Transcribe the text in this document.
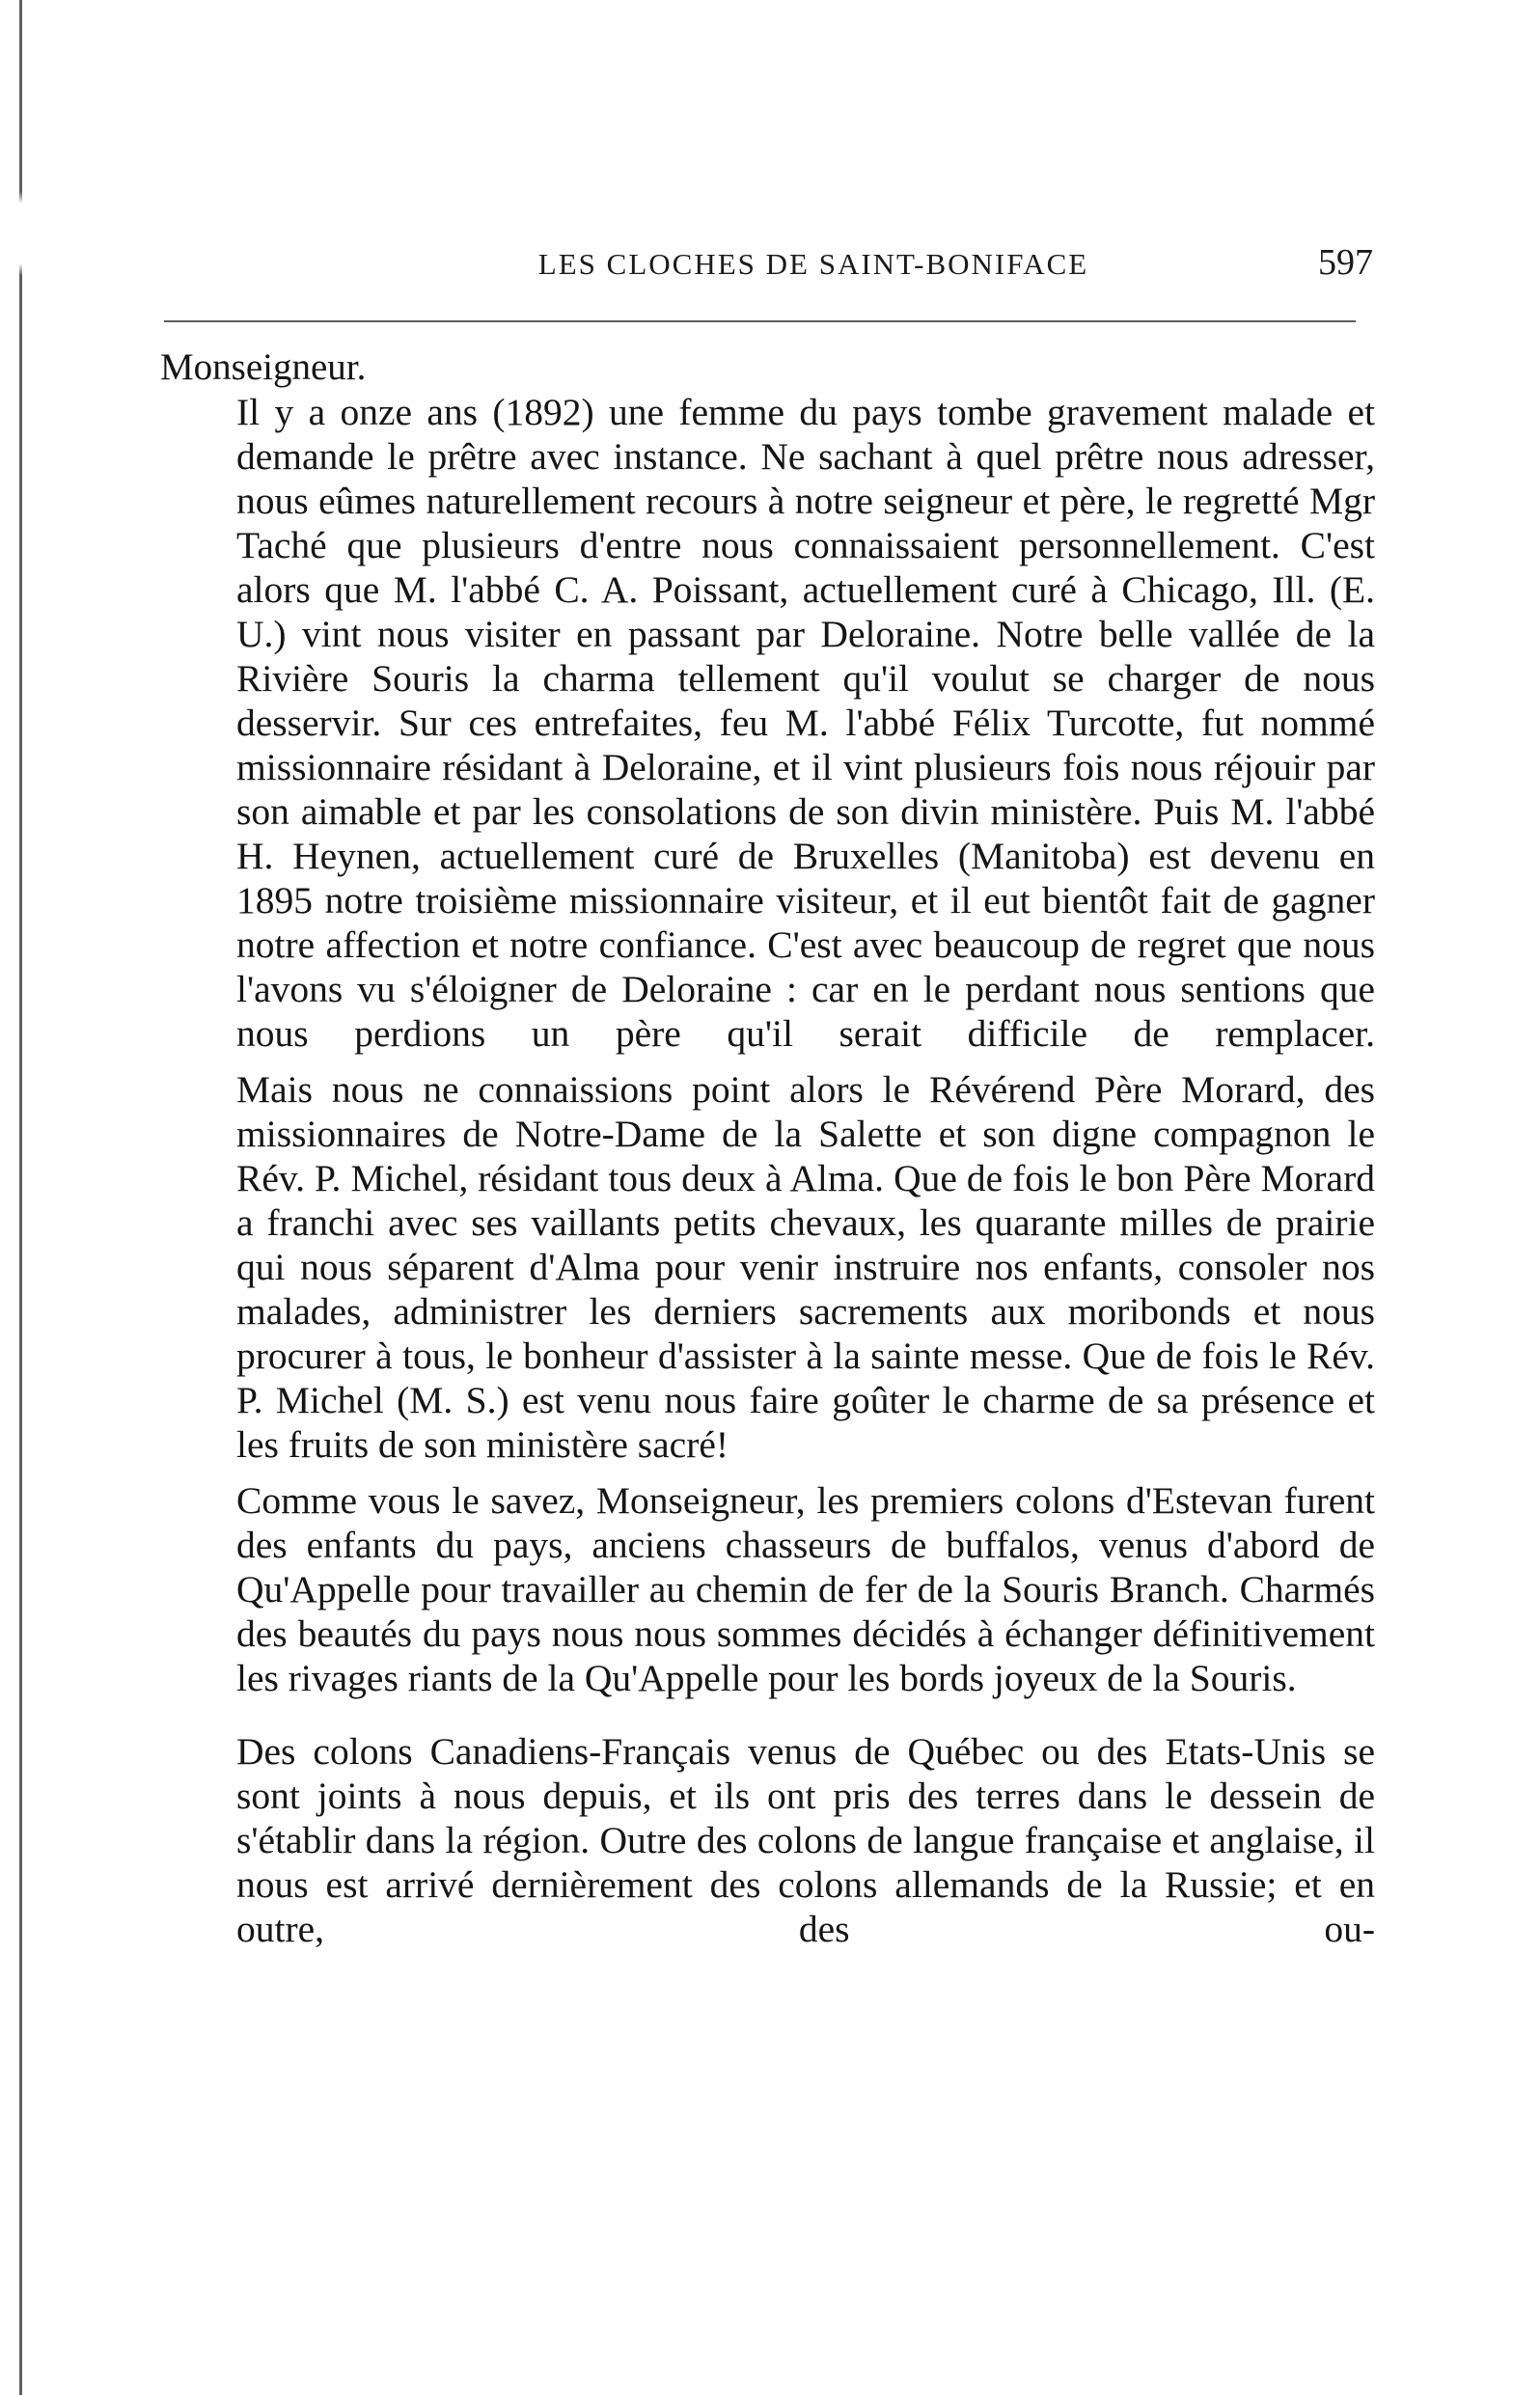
LES CLOCHES DE SAINT-BONIFACE	597
Monseigneur.

Il y a onze ans (1892) une femme du pays tombe gravement malade et demande le prêtre avec instance. Ne sachant à quel prêtre nous adresser, nous eûmes naturellement recours à notre seigneur et père, le regretté Mgr Taché que plusieurs d'entre nous connaissaient personnellement. C'est alors que M. l'abbé C. A. Poissant, actuellement curé à Chicago, Ill. (E. U.) vint nous visiter en passant par Deloraine. Notre belle vallée de la Rivière Souris la charma tellement qu'il voulut se charger de nous desservir. Sur ces entrefaites, feu M. l'abbé Félix Turcotte, fut nommé missionnaire résidant à Deloraine, et il vint plusieurs fois nous réjouir par son aimable et par les consolations de son divin ministère. Puis M. l'abbé H. Heynen, actuellement curé de Bruxelles (Manitoba) est devenu en 1895 notre troisième missionnaire visiteur, et il eut bientôt fait de gagner notre affection et notre confiance. C'est avec beaucoup de regret que nous l'avons vu s'éloigner de Deloraine : car en le perdant nous sentions que nous perdions un père qu'il serait difficile de remplacer.

Mais nous ne connaissions point alors le Révérend Père Morard, des missionnaires de Notre-Dame de la Salette et son digne compagnon le Rév. P. Michel, résidant tous deux à Alma. Que de fois le bon Père Morard a franchi avec ses vaillants petits chevaux, les quarante milles de prairie qui nous séparent d'Alma pour venir instruire nos enfants, consoler nos malades, administrer les derniers sacrements aux moribonds et nous procurer à tous, le bonheur d'assister à la sainte messe. Que de fois le Rév. P. Michel (M. S.) est venu nous faire goûter le charme de sa présence et les fruits de son ministère sacré!

Comme vous le savez, Monseigneur, les premiers colons d'Estevan furent des enfants du pays, anciens chasseurs de buffalos, venus d'abord de Qu'Appelle pour travailler au chemin de fer de la Souris Branch. Charmés des beautés du pays nous nous sommes décidés à échanger définitivement les rivages riants de la Qu'Appelle pour les bords joyeux de la Souris.

Des colons Canadiens-Français venus de Québec ou des Etats-Unis se sont joints à nous depuis, et ils ont pris des terres dans le dessein de s'établir dans la région. Outre des colons de langue française et anglaise, il nous est arrivé dernièrement des colons allemands de la Russie; et en outre, des ou-
